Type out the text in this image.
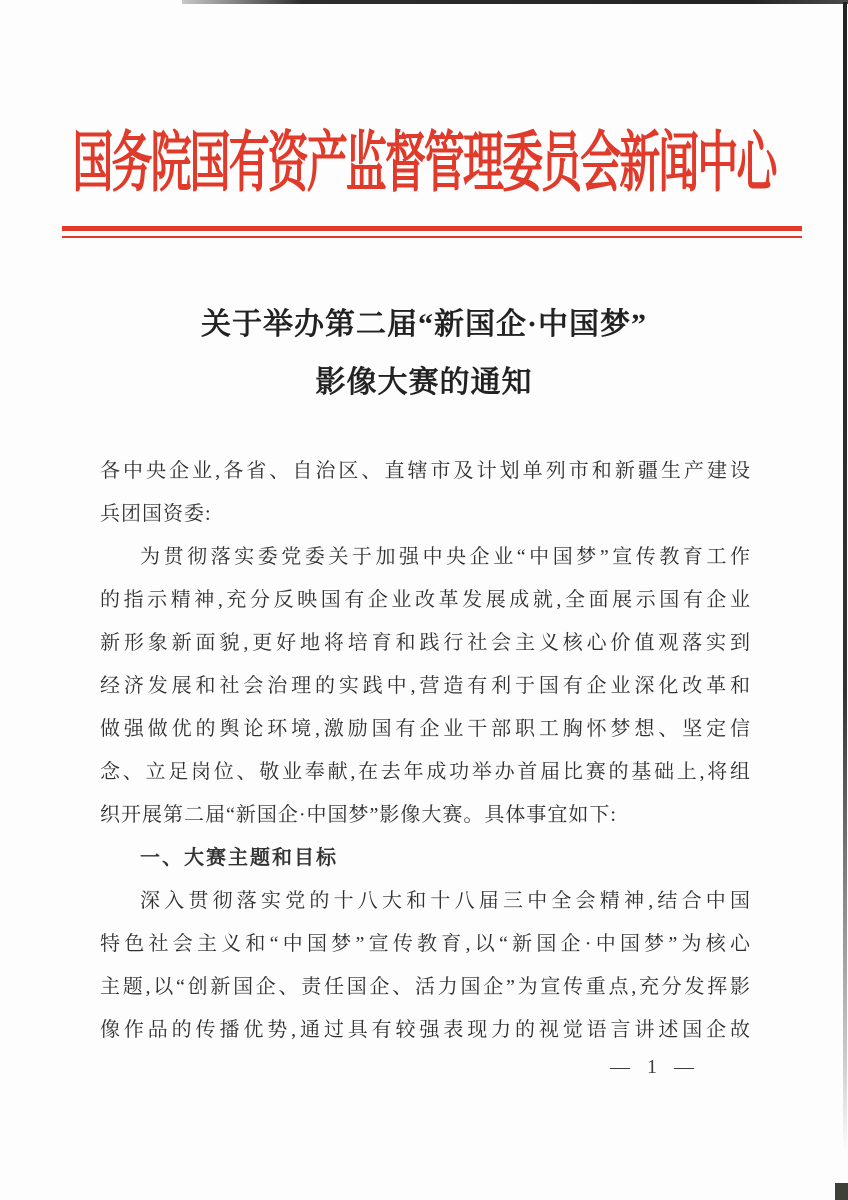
国务院国有资产监督管理委员会新闻中心
关于举办第二届“新国企·中国梦”
影像大赛的通知
各中央企业,各省、自治区、直辖市及计划单列市和新疆生产建设
兵团国资委:
为贯彻落实委党委关于加强中央企业“中国梦”宣传教育工作
的指示精神,充分反映国有企业改革发展成就,全面展示国有企业
新形象新面貌,更好地将培育和践行社会主义核心价值观落实到
经济发展和社会治理的实践中,营造有利于国有企业深化改革和
做强做优的舆论环境,激励国有企业干部职工胸怀梦想、坚定信
念、立足岗位、敬业奉献,在去年成功举办首届比赛的基础上,将组
织开展第二届“新国企·中国梦”影像大赛。具体事宜如下:
一、大赛主题和目标
深入贯彻落实党的十八大和十八届三中全会精神,结合中国
特色社会主义和“中国梦”宣传教育,以“新国企·中国梦”为核心
主题,以“创新国企、责任国企、活力国企”为宣传重点,充分发挥影
像作品的传播优势,通过具有较强表现力的视觉语言讲述国企故
— 1 —
